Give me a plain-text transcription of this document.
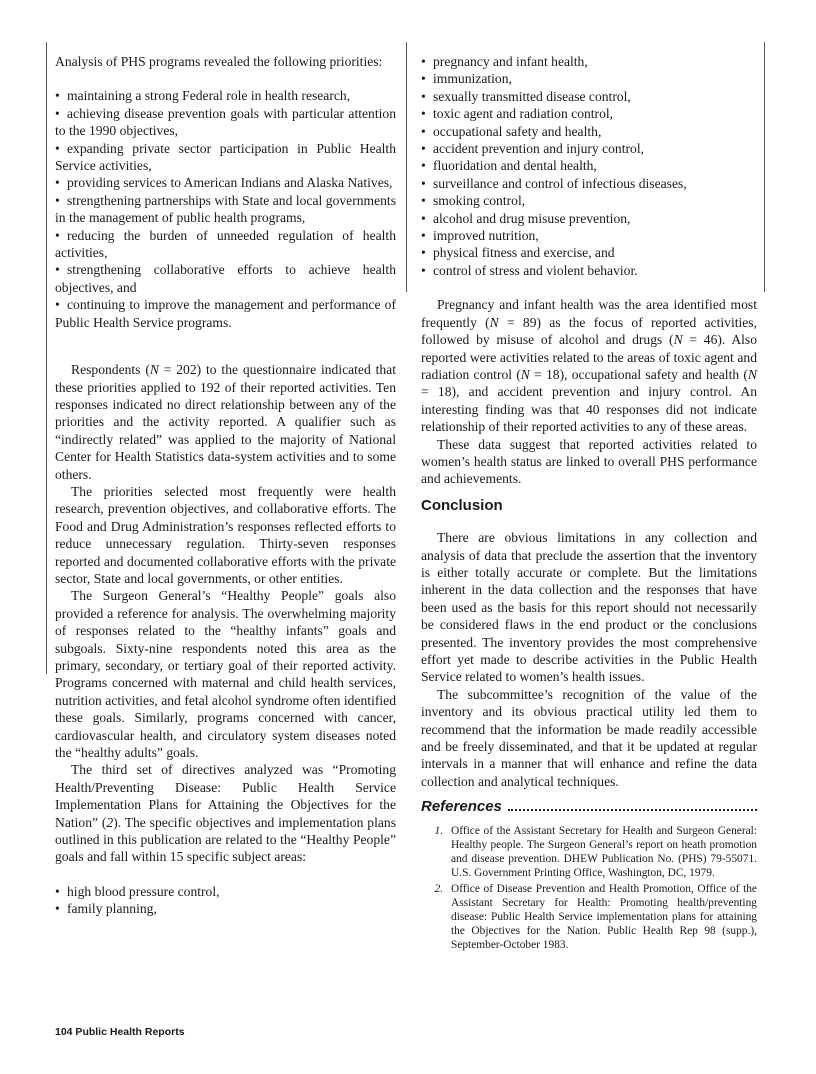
Analysis of PHS programs revealed the following priorities:

• maintaining a strong Federal role in health research,
• achieving disease prevention goals with particular attention to the 1990 objectives,
• expanding private sector participation in Public Health Service activities,
• providing services to American Indians and Alaska Natives,
• strengthening partnerships with State and local governments in the management of public health programs,
• reducing the burden of unneeded regulation of health activities,
• strengthening collaborative efforts to achieve health objectives, and
• continuing to improve the management and performance of Public Health Service programs.

Respondents (N = 202) to the questionnaire indicated that these priorities applied to 192 of their reported activities. Ten responses indicated no direct relationship between any of the priorities and the activity reported. A qualifier such as “indirectly related” was applied to the majority of National Center for Health Statistics data-system activities and to some others.

The priorities selected most frequently were health research, prevention objectives, and collaborative efforts. The Food and Drug Administration’s responses reflected efforts to reduce unnecessary regulation. Thirty-seven responses reported and documented collaborative efforts with the private sector, State and local governments, or other entities.

The Surgeon General’s “Healthy People” goals also provided a reference for analysis. The overwhelming majority of responses related to the “healthy infants” goals and subgoals. Sixty-nine respondents noted this area as the primary, secondary, or tertiary goal of their reported activity. Programs concerned with maternal and child health services, nutrition activities, and fetal alcohol syndrome often identified these goals. Similarly, programs concerned with cancer, cardiovascular health, and circulatory system diseases noted the “healthy adults” goals.

The third set of directives analyzed was “Promoting Health/Preventing Disease: Public Health Service Implementation Plans for Attaining the Objectives for the Nation” (2). The specific objectives and implementation plans outlined in this publication are related to the “Healthy People” goals and fall within 15 specific subject areas:

• high blood pressure control,
• family planning,
• pregnancy and infant health,
• immunization,
• sexually transmitted disease control,
• toxic agent and radiation control,
• occupational safety and health,
• accident prevention and injury control,
• fluoridation and dental health,
• surveillance and control of infectious diseases,
• smoking control,
• alcohol and drug misuse prevention,
• improved nutrition,
• physical fitness and exercise, and
• control of stress and violent behavior.

Pregnancy and infant health was the area identified most frequently (N = 89) as the focus of reported activities, followed by misuse of alcohol and drugs (N = 46). Also reported were activities related to the areas of toxic agent and radiation control (N = 18), occupational safety and health (N = 18), and accident prevention and injury control. An interesting finding was that 40 responses did not indicate relationship of their reported activities to any of these areas.

These data suggest that reported activities related to women’s health status are linked to overall PHS performance and achievements.

Conclusion

There are obvious limitations in any collection and analysis of data that preclude the assertion that the inventory is either totally accurate or complete. But the limitations inherent in the data collection and the responses that have been used as the basis for this report should not necessarily be considered flaws in the end product or the conclusions presented. The inventory provides the most comprehensive effort yet made to describe activities in the Public Health Service related to women’s health issues.

The subcommittee’s recognition of the value of the inventory and its obvious practical utility led them to recommend that the information be made readily accessible and be freely disseminated, and that it be updated at regular intervals in a manner that will enhance and refine the data collection and analytical techniques.

References
1. Office of the Assistant Secretary for Health and Surgeon General: Healthy people. The Surgeon General’s report on heath promotion and disease prevention. DHEW Publication No. (PHS) 79-55071. U.S. Government Printing Office, Washington, DC, 1979.
2. Office of Disease Prevention and Health Promotion, Office of the Assistant Secretary for Health: Promoting health/preventing disease: Public Health Service implementation plans for attaining the Objectives for the Nation. Public Health Rep 98 (supp.), September-October 1983.
104 Public Health Reports
